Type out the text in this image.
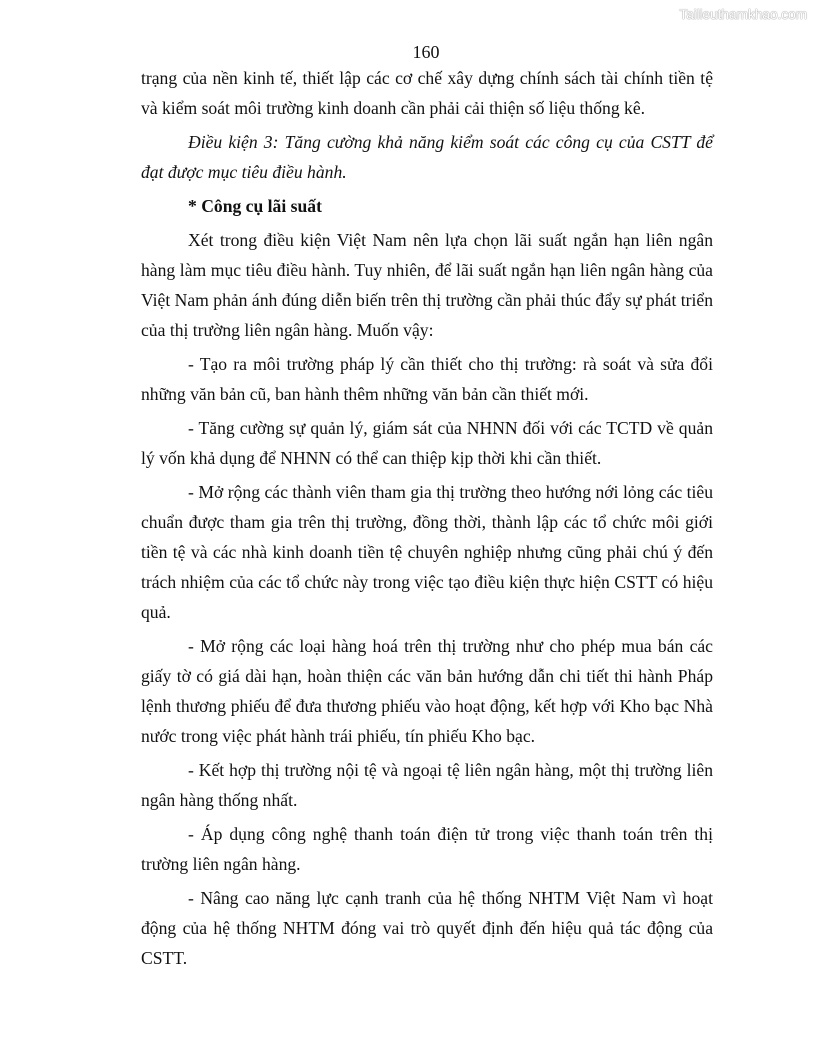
Tailieuthamkhao.com
160

trạng của nền kinh tế, thiết lập các cơ chế xây dựng chính sách tài chính tiền tệ và kiểm soát môi trường kinh doanh cần phải cải thiện số liệu thống kê.

Điều kiện 3: Tăng cường khả năng kiểm soát các công cụ của CSTT để đạt được mục tiêu điều hành.

* Công cụ lãi suất

Xét trong điều kiện Việt Nam nên lựa chọn lãi suất ngắn hạn liên ngân hàng làm mục tiêu điều hành. Tuy nhiên, để lãi suất ngắn hạn liên ngân hàng của Việt Nam phản ánh đúng diễn biến trên thị trường cần phải thúc đẩy sự phát triển của thị trường liên ngân hàng. Muốn vậy:

- Tạo ra môi trường pháp lý cần thiết cho thị trường: rà soát và sửa đổi những văn bản cũ, ban hành thêm những văn bản cần thiết mới.

- Tăng cường sự quản lý, giám sát của NHNN đối với các TCTD về quản lý vốn khả dụng để NHNN có thể can thiệp kịp thời khi cần thiết.

- Mở rộng các thành viên tham gia thị trường theo hướng nới lỏng các tiêu chuẩn được tham gia trên thị trường, đồng thời, thành lập các tổ chức môi giới tiền tệ và các nhà kinh doanh tiền tệ chuyên nghiệp nhưng cũng phải chú ý đến trách nhiệm của các tổ chức này trong việc tạo điều kiện thực hiện CSTT có hiệu quả.

- Mở rộng các loại hàng hoá trên thị trường như cho phép mua bán các giấy tờ có giá dài hạn, hoàn thiện các văn bản hướng dẫn chi tiết thi hành Pháp lệnh thương phiếu để đưa thương phiếu vào hoạt động, kết hợp với Kho bạc Nhà nước trong việc phát hành trái phiếu, tín phiếu Kho bạc.

- Kết hợp thị trường nội tệ và ngoại tệ liên ngân hàng, một thị trường liên ngân hàng thống nhất.

- Áp dụng công nghệ thanh toán điện tử trong việc thanh toán trên thị trường liên ngân hàng.

- Nâng cao năng lực cạnh tranh của hệ thống NHTM Việt Nam vì hoạt động của hệ thống NHTM đóng vai trò quyết định đến hiệu quả tác động của CSTT.
